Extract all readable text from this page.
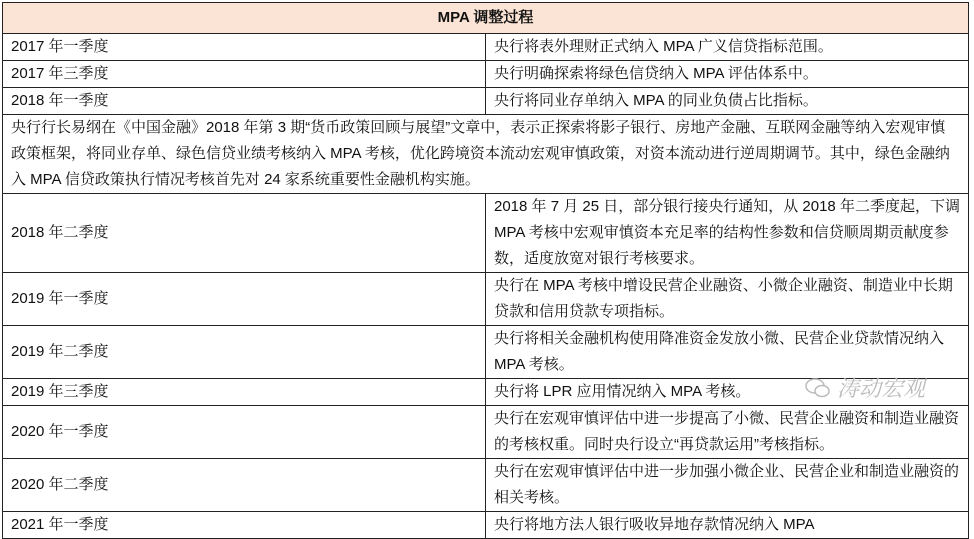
MPA 调整过程	
2017 年一季度	央行将表外理财正式纳入 MPA 广义信贷指标范围。
2017 年三季度	央行明确探索将绿色信贷纳入 MPA 评估体系中。
2018 年一季度	央行将同业存单纳入 MPA 的同业负债占比指标。
央行行长易纲在《中国金融》2018 年第 3 期“货币政策回顾与展望”文章中，表示正探索将影子银行、房地产金融、互联网金融等纳入宏观审慎政策框架，将同业存单、绿色信贷业绩考核纳入 MPA 考核，优化跨境资本流动宏观审慎政策，对资本流动进行逆周期调节。其中，绿色金融纳入 MPA 信贷政策执行情况考核首先对 24 家系统重要性金融机构实施。	
2018 年二季度	2018 年 7 月 25 日，部分银行接央行通知，从 2018 年二季度起，下调 MPA 考核中宏观审慎资本充足率的结构性参数和信贷顺周期贡献度参数，适度放宽对银行考核要求。
2019 年一季度	央行在 MPA 考核中增设民营企业融资、小微企业融资、制造业中长期贷款和信用贷款专项指标。
2019 年二季度	央行将相关金融机构使用降准资金发放小微、民营企业贷款情况纳入 MPA 考核。
2019 年三季度	央行将 LPR 应用情况纳入 MPA 考核。
2020 年一季度	央行在宏观审慎评估中进一步提高了小微、民营企业融资和制造业融资的考核权重。同时央行设立“再贷款运用”考核指标。
2020 年二季度	央行在宏观审慎评估中进一步加强小微企业、民营企业和制造业融资的相关考核。
2021 年一季度	央行将地方法人银行吸收异地存款情况纳入 MPA
涛动宏观
